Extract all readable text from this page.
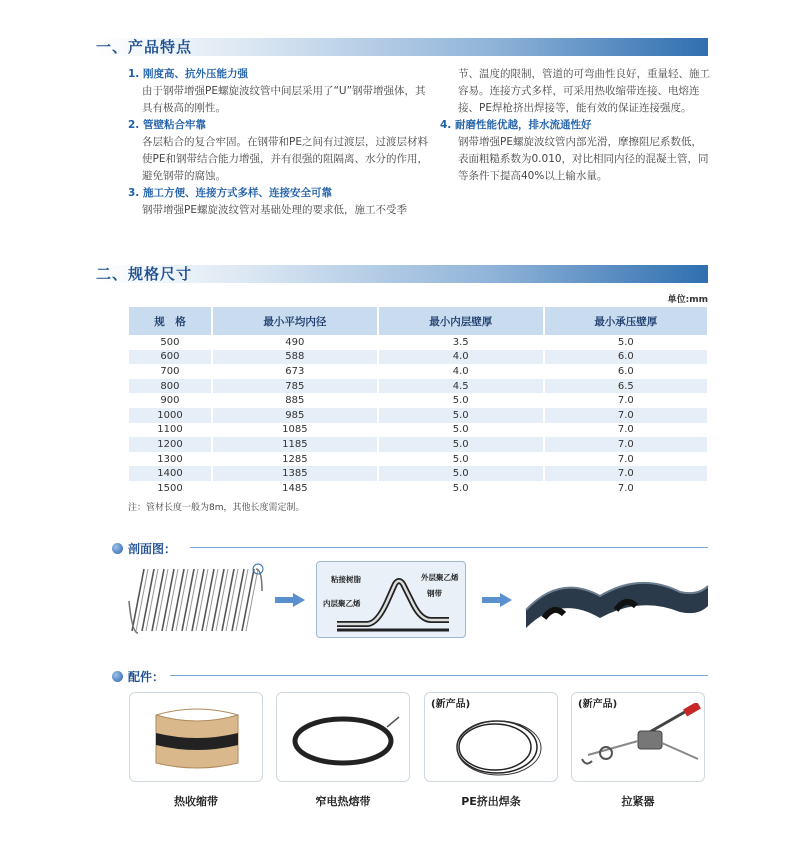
一、产品特点
1. 刚度高、抗外压能力强
由于钢带增强PE螺旋波纹管中间层采用了“U”钢带增强体，其具有极高的刚性。
2. 管壁粘合牢靠
各层粘合的复合牢固。在钢带和PE之间有过渡层，过渡层材料使PE和钢带结合能力增强，并有很强的阻隔离、水分的作用，避免钢带的腐蚀。
3. 施工方便、连接方式多样、连接安全可靠
钢带增强PE螺旋波纹管对基础处理的要求低，施工不受季
节、温度的限制，管道的可弯曲性良好，重量轻、施工容易。连接方式多样，可采用热收缩带连接、电熔连接、PE焊枪挤出焊接等，能有效的保证连接强度。
4. 耐磨性能优越，排水流通性好
钢带增强PE螺旋波纹管内部光滑，摩擦阻尼系数低，表面粗糙系数为0.010，对比相同内径的混凝土管，同等条件下提高40%以上输水量。
二、规格尺寸
单位:mm
规　格	最小平均内径	最小内层壁厚	最小承压壁厚
500	490	3.5	5.0
600	588	4.0	6.0
700	673	4.0	6.0
800	785	4.5	6.5
900	885	5.0	7.0
1000	985	5.0	7.0
1100	1085	5.0	7.0
1200	1185	5.0	7.0
1300	1285	5.0	7.0
1400	1385	5.0	7.0
1500	1485	5.0	7.0
注：管材长度一般为8m，其他长度需定制。
剖面图：
粘接树脂	外层聚乙烯
内层聚乙烯
钢带
配件：
热收缩带	窄电热熔带
(新产品)
PE挤出焊条
(新产品)
拉紧器
